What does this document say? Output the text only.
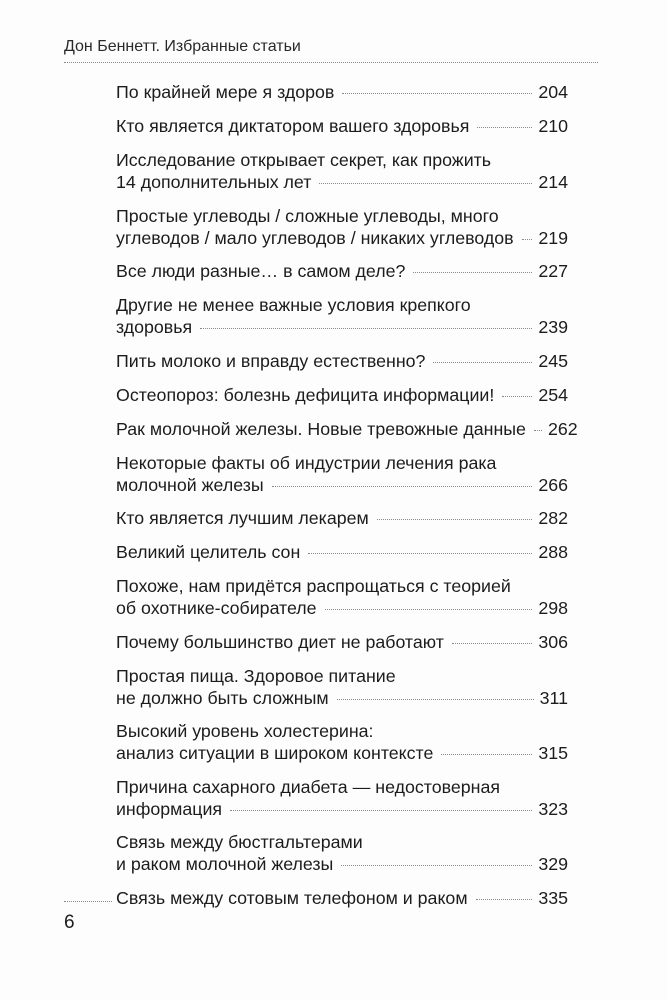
Дон Беннетт. Избранные статьи
По крайней мере я здоров	204
Кто является диктатором вашего здоровья	210
Исследование открывает секрет, как прожить
14 дополнительных лет	214
Простые углеводы / сложные углеводы, много
углеводов / мало углеводов / никаких углеводов 219
Все люди разные… в самом деле?	227
Другие не менее важные условия крепкого
здоровья	239
Пить молоко и вправду естественно?	245
Остеопороз: болезнь дефицита информации! 254
Рак молочной железы. Новые тревожные данные 262
Некоторые факты об индустрии лечения рака
молочной железы	266
Кто является лучшим лекарем	282
Великий целитель сон	288
Похоже, нам придётся распрощаться с теорией
об охотнике-собирателе	298
Почему большинство диет не работают	306
Простая пища. Здоровое питание
не должно быть сложным	311
Высокий уровень холестерина:
анализ ситуации в широком контексте	315
Причина сахарного диабета — недостоверная
информация	323
Связь между бюстгальтерами
и раком молочной железы	329
Связь между сотовым телефоном и раком	335
6
